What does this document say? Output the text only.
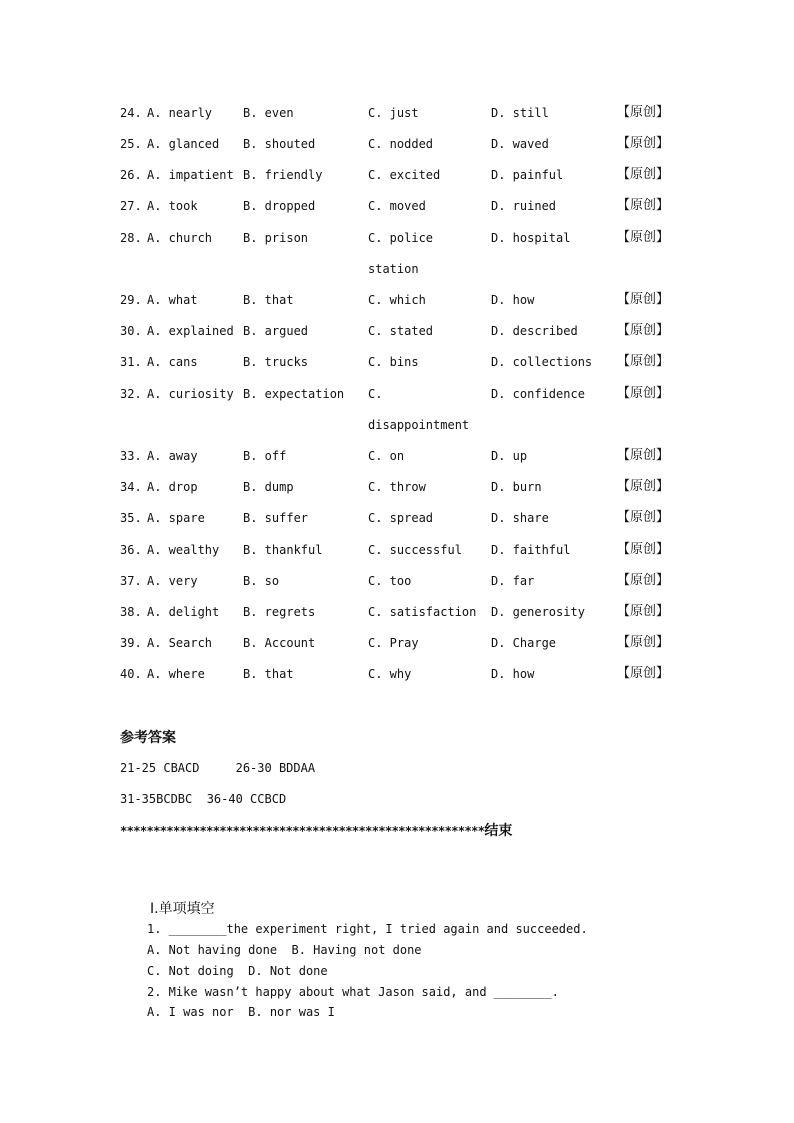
24. A. nearly	B. even	C. just	D. still	【原创】
25. A. glanced B. shouted	C. nodded	D. waved	【原创】
26. A. impatient B. friendly	C. excited	D. painful	【原创】
27. A. took	B. dropped	C. moved	D. ruined	【原创】
28. A. church	B. prison	C. police	D. hospital	【原创】
station
29. A. what	B. that	C. which	D. how	【原创】
30. A. explained B. argued	C. stated	D. described	【原创】
31. A. cans	B. trucks	C. bins	D. collections 【原创】
32. A. curiosity B. expectation C.	D. confidence 【原创】
disappointment
33. A. away	B. off	C. on	D. up	【原创】
34. A. drop	B. dump	C. throw	D. burn	【原创】
35. A. spare	B. suffer	C. spread	D. share	【原创】
36. A. wealthy B. thankful	C. successful D. faithful	【原创】
37. A. very	B. so	C. too	D. far	【原创】
38. A. delight B. regrets	C. satisfaction D. generosity 【原创】
39. A. Search	B. Account	C. Pray	D. Charge	【原创】
40. A. where	B. that	C. why	D. how	【原创】
参考答案
21-25 CBACD     26-30 BDDAA
31-35BCDBC  36-40 CCBCD
*******************************************************结束
Ⅰ.单项填空
1. ________the experiment right, I tried again and succeeded.
A. Not having done  B. Having not done
C. Not doing  D. Not done
2. Mike wasn’t happy about what Jason said, and ________.
A. I was nor  B. nor was I
